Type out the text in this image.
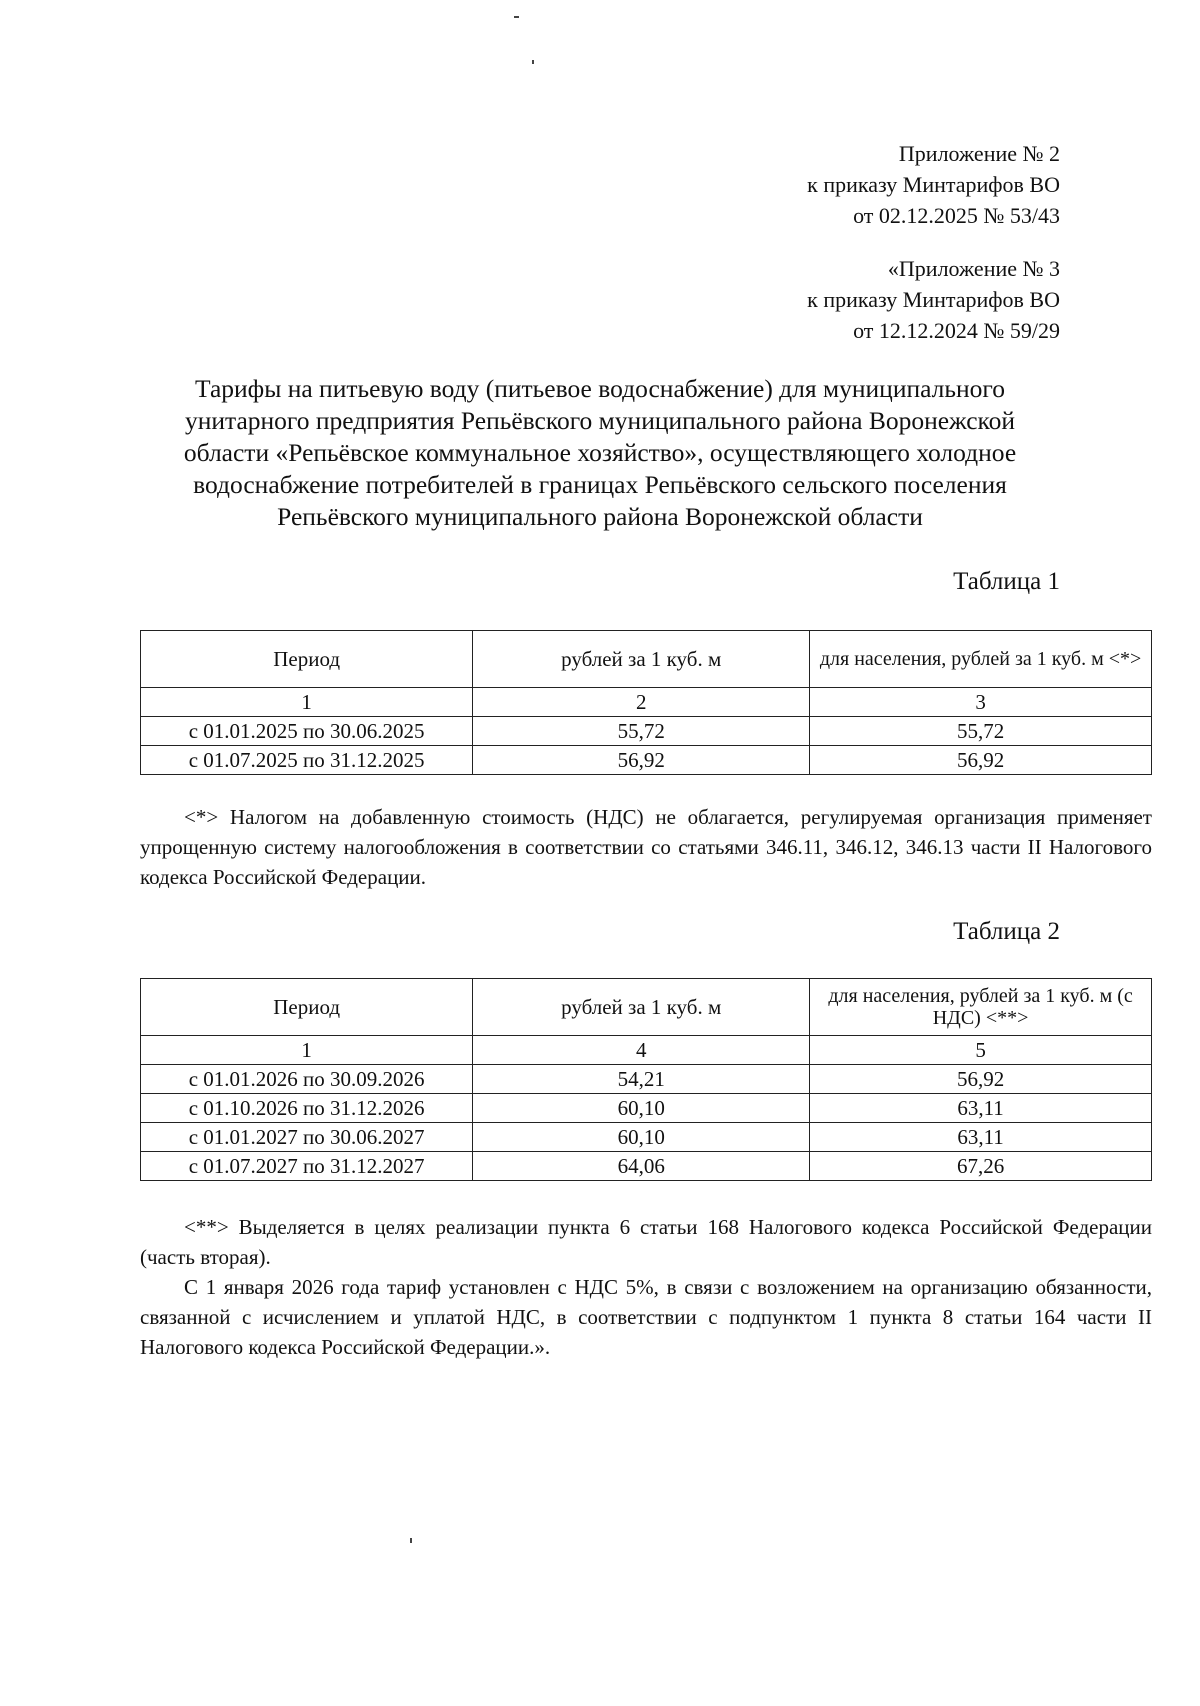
Приложение № 2
к приказу Минтарифов ВО
от 02.12.2025 № 53/43
«Приложение № 3
к приказу Минтарифов ВО
от 12.12.2024 № 59/29
Тарифы на питьевую воду (питьевое водоснабжение) для муниципального унитарного предприятия Репьёвского муниципального района Воронежской области «Репьёвское коммунальное хозяйство», осуществляющего холодное водоснабжение потребителей в границах Репьёвского сельского поселения Репьёвского муниципального района Воронежской области
Таблица 1
Период	рублей за 1 куб. м	для населения, рублей за 1 куб. м <*>
1	2	3
с 01.01.2025 по 30.06.2025	55,72	55,72
с 01.07.2025 по 31.12.2025	56,92	56,92
<*> Налогом на добавленную стоимость (НДС) не облагается, регулируемая организация применяет упрощенную систему налогообложения в соответствии со статьями 346.11, 346.12, 346.13 части II Налогового кодекса Российской Федерации.
Таблица 2
Период	рублей за 1 куб. м	для населения, рублей за 1 куб. м (с НДС) <**>
1	4	5
с 01.01.2026 по 30.09.2026	54,21	56,92
с 01.10.2026 по 31.12.2026	60,10	63,11
с 01.01.2027 по 30.06.2027	60,10	63,11
с 01.07.2027 по 31.12.2027	64,06	67,26
<**> Выделяется в целях реализации пункта 6 статьи 168 Налогового кодекса Российской Федерации (часть вторая).
С 1 января 2026 года тариф установлен с НДС 5%, в связи с возложением на организацию обязанности, связанной с исчислением и уплатой НДС, в соответствии с подпунктом 1 пункта 8 статьи 164 части II Налогового кодекса Российской Федерации.».
